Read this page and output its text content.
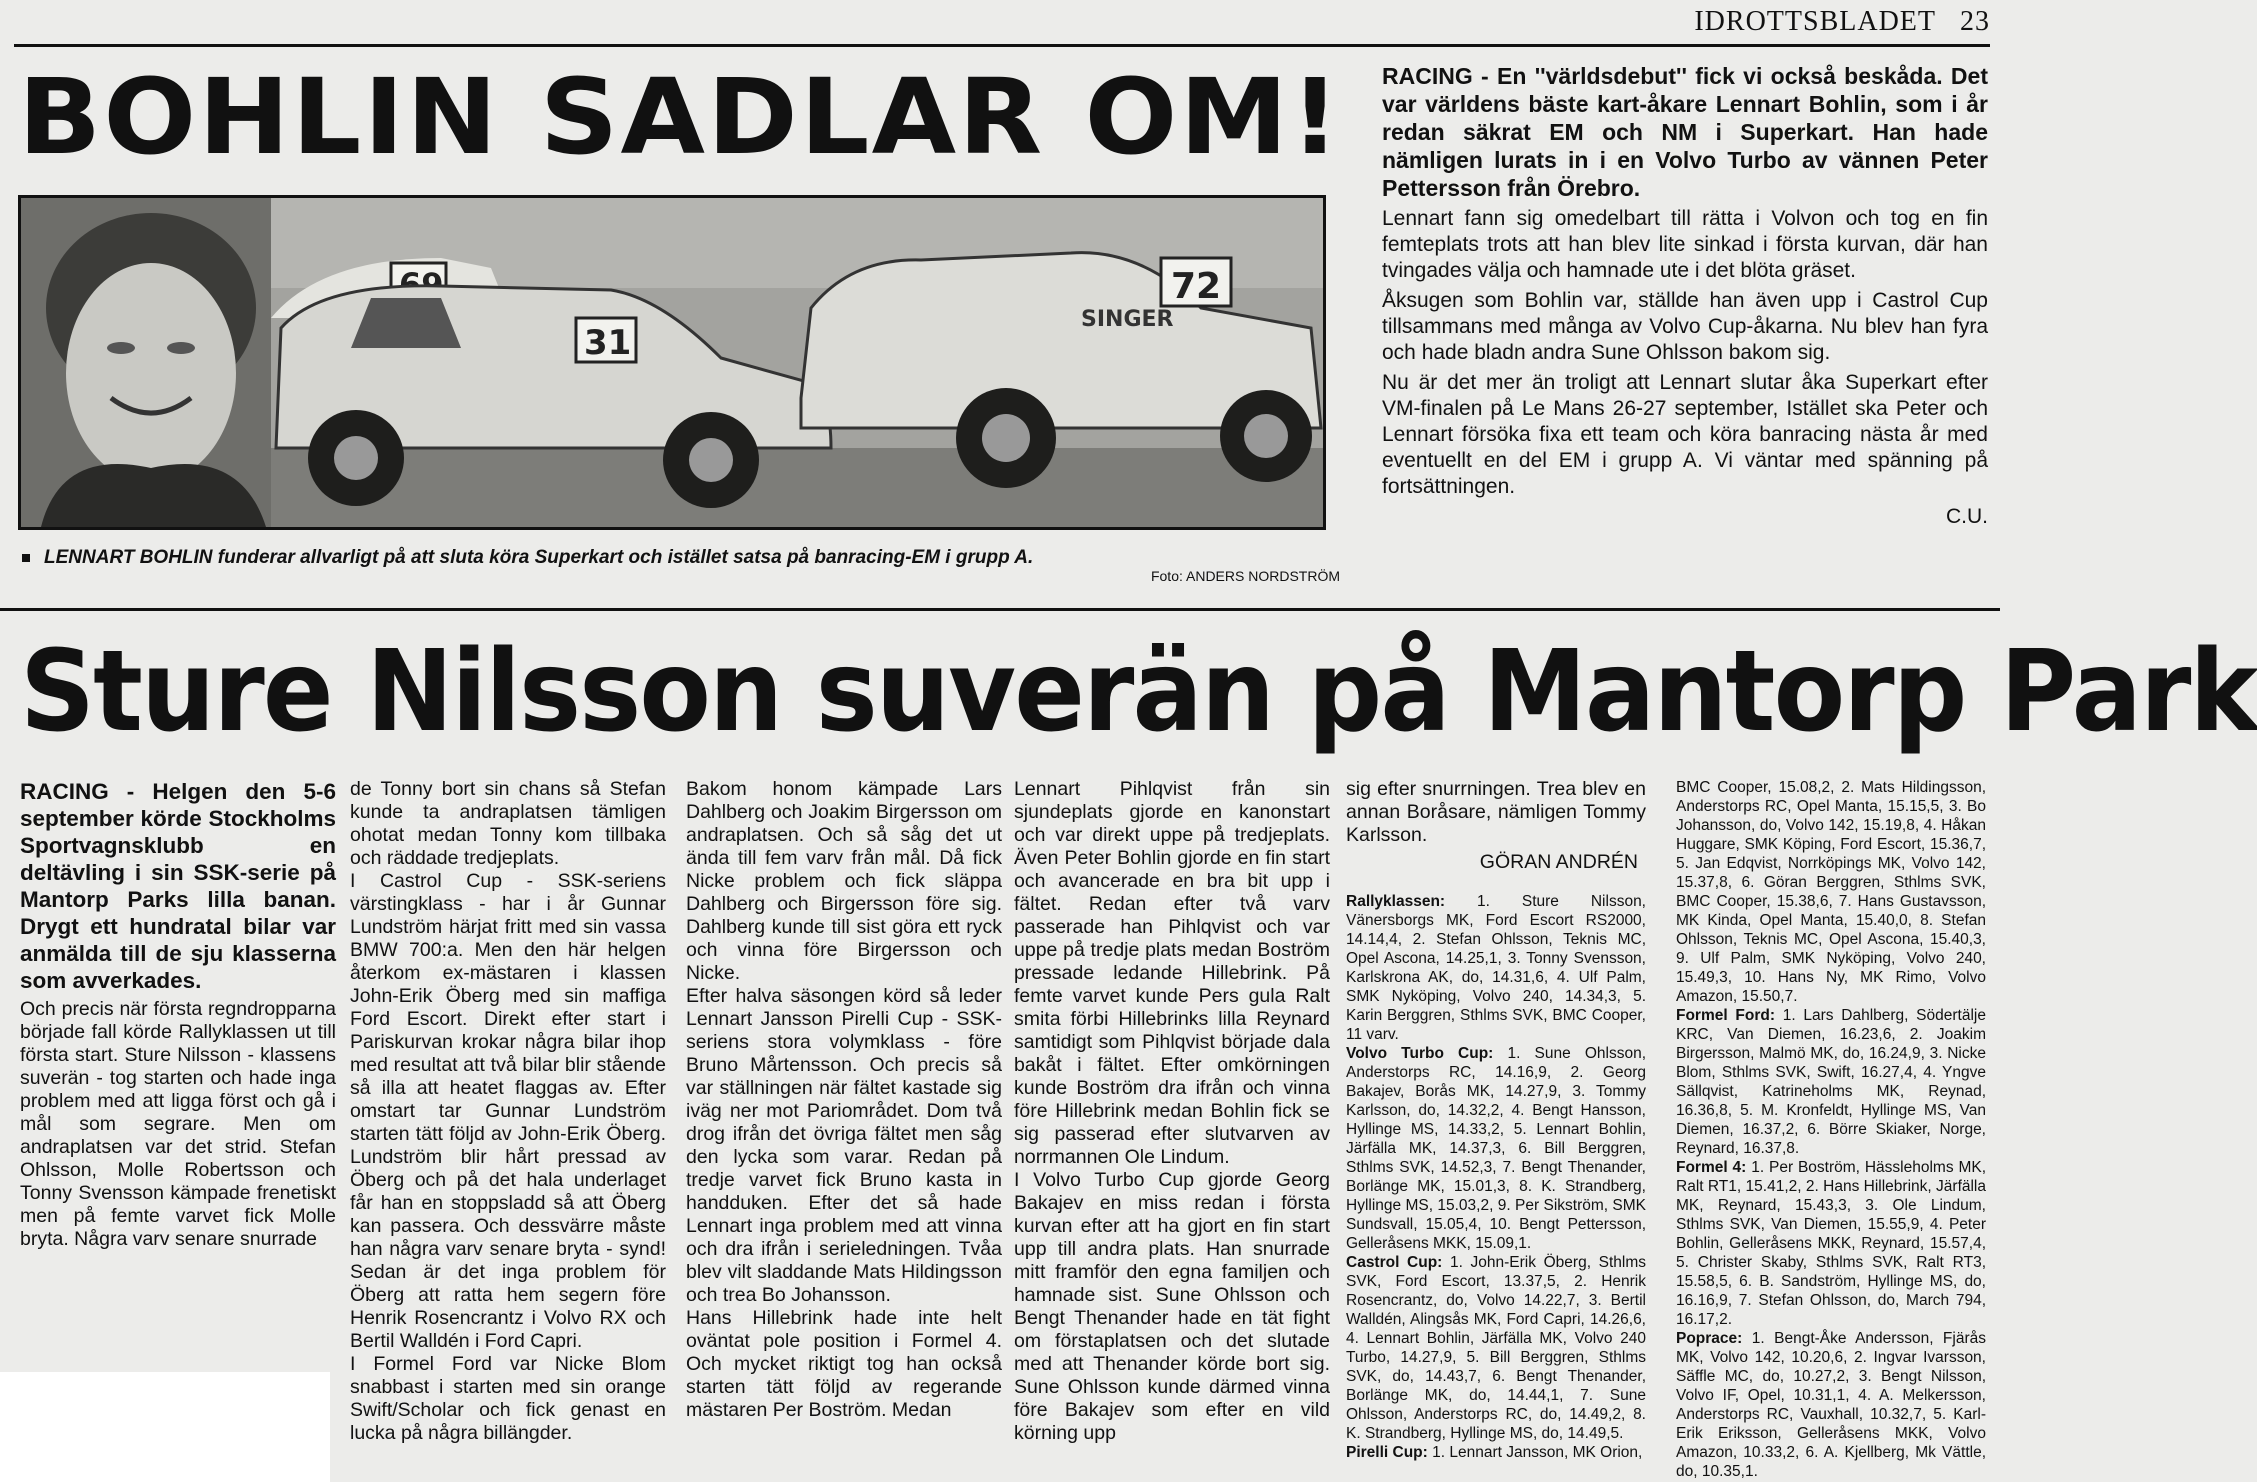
IDROTTSBLADET 23
BOHLIN SADLAR OM!
31
72
SINGER
LENNART BOHLIN funderar allvarligt på att sluta köra Superkart och istället satsa på banracing-EM i grupp A.
Foto: ANDERS NORDSTRÖM

RACING - En ''världsdebut'' fick vi också beskåda. Det var världens bäste kart-åkare Lennart Bohlin, som i år redan säkrat EM och NM i Superkart. Han hade nämligen lurats in i en Volvo Turbo av vännen Peter Pettersson från Örebro.

Lennart fann sig omedelbart till rätta i Volvon och tog en fin femteplats trots att han blev lite sinkad i första kurvan, där han tvingades välja och hamnade ute i det blöta gräset.

Åksugen som Bohlin var, ställde han även upp i Castrol Cup tillsammans med många av Volvo Cup-åkarna. Nu blev han fyra och hade bladn andra Sune Ohlsson bakom sig.

Nu är det mer än troligt att Lennart slutar åka Superkart efter VM-finalen på Le Mans 26-27 september, Istället ska Peter och Lennart försöka fixa ett team och köra banracing nästa år med eventuellt en del EM i grupp A. Vi väntar med spänning på fortsättningen.

C.U.

Sture Nilsson suverän på Mantorp Park

RACING - Helgen den 5-6 september körde Stockholms Sportvagnsklubb en deltävling i sin SSK-serie på Mantorp Parks lilla banan. Drygt ett hundratal bilar var anmälda till de sju klasserna som avverkades.

Och precis när första regndropparna började fall körde Rallyklassen ut till första start. Sture Nilsson - klassens suverän - tog starten och hade inga problem med att ligga först och gå i mål som segrare. Men om andraplatsen var det strid. Stefan Ohlsson, Molle Robertsson och Tonny Svensson kämpade frenetiskt men på femte varvet fick Molle bryta. Några varv senare snurrade

de Tonny bort sin chans så Stefan kunde ta andraplatsen tämligen ohotat medan Tonny kom tillbaka och räddade tredjeplats.

I Castrol Cup - SSK-seriens värstingklass - har i år Gunnar Lundström härjat fritt med sin vassa BMW 700:a. Men den här helgen återkom ex-mästaren i klassen John-Erik Öberg med sin maffiga Ford Escort. Direkt efter start i Pariskurvan krokar några bilar ihop med resultat att två bilar blir stående så illa att heatet flaggas av. Efter omstart tar Gunnar Lundström starten tätt följd av John-Erik Öberg. Lundström blir hårt pressad av Öberg och på det hala underlaget får han en stoppsladd så att Öberg kan passera. Och dessvärre måste han några varv senare bryta - synd! Sedan är det inga problem för Öberg att ratta hem segern före Henrik Rosencrantz i Volvo RX och Bertil Walldén i Ford Capri.

I Formel Ford var Nicke Blom snabbast i starten med sin orange Swift/Scholar och fick genast en lucka på några billängder.

Bakom honom kämpade Lars Dahlberg och Joakim Birgersson om andraplatsen. Och så såg det ut ända till fem varv från mål. Då fick Nicke problem och fick släppa Dahlberg och Birgersson före sig. Dahlberg kunde till sist göra ett ryck och vinna före Birgersson och Nicke.

Efter halva säsongen körd så leder Lennart Jansson Pirelli Cup - SSK-seriens stora volymklass - före Bruno Mårtensson. Och precis så var ställningen när fältet kastade sig iväg ner mot Pariområdet. Dom två drog ifrån det övriga fältet men såg den lycka som varar. Redan på tredje varvet fick Bruno kasta in handduken. Efter det så hade Lennart inga problem med att vinna och dra ifrån i serieledningen. Tvåa blev vilt sladdande Mats Hildingsson och trea Bo Johansson.

Hans Hillebrink hade inte helt oväntat pole position i Formel 4. Och mycket riktigt tog han också starten tätt följd av regerande mästaren Per Boström. Medan

Lennart Pihlqvist från sin sjundeplats gjorde en kanonstart och var direkt uppe på tredjeplats. Även Peter Bohlin gjorde en fin start och avancerade en bra bit upp i fältet. Redan efter två varv passerade han Pihlqvist och var uppe på tredje plats medan Boström pressade ledande Hillebrink. På femte varvet kunde Pers gula Ralt smita förbi Hillebrinks lilla Reynard samtidigt som Pihlqvist började dala bakåt i fältet. Efter omkörningen kunde Boström dra ifrån och vinna före Hillebrink medan Bohlin fick se sig passerad efter slutvarven av norrmannen Ole Lindum.

I Volvo Turbo Cup gjorde Georg Bakajev en miss redan i första kurvan efter att ha gjort en fin start upp till andra plats. Han snurrade mitt framför den egna familjen och hamnade sist. Sune Ohlsson och Bengt Thenander hade en tät fight om förstaplatsen och det slutade med att Thenander körde bort sig. Sune Ohlsson kunde därmed vinna före Bakajev som efter en vild körning upp

sig efter snurrningen. Trea blev en annan Boråsare, nämligen Tommy Karlsson.

GÖRAN ANDRÉN

Rallyklassen: 1. Sture Nilsson, Vänersborgs MK, Ford Escort RS2000, 14.14,4, 2. Stefan Ohlsson, Teknis MC, Opel Ascona, 14.25,1, 3. Tonny Svensson, Karlskrona AK, do, 14.31,6, 4. Ulf Palm, SMK Nyköping, Volvo 240, 14.34,3, 5. Karin Berggren, Sthlms SVK, BMC Cooper, 11 varv.

Volvo Turbo Cup: 1. Sune Ohlsson, Anderstorps RC, 14.16,9, 2. Georg Bakajev, Borås MK, 14.27,9, 3. Tommy Karlsson, do, 14.32,2, 4. Bengt Hansson, Hyllinge MS, 14.33,2, 5. Lennart Bohlin, Järfälla MK, 14.37,3, 6. Bill Berggren, Sthlms SVK, 14.52,3, 7. Bengt Thenander, Borlänge MK, 15.01,3, 8. K. Strandberg, Hyllinge MS, 15.03,2, 9. Per Sikström, SMK Sundsvall, 15.05,4, 10. Bengt Pettersson, Gelleråsens MKK, 15.09,1.

Castrol Cup: 1. John-Erik Öberg, Sthlms SVK, Ford Escort, 13.37,5, 2. Henrik Rosencrantz, do, Volvo 14.22,7, 3. Bertil Walldén, Alingsås MK, Ford Capri, 14.26,6, 4. Lennart Bohlin, Järfälla MK, Volvo 240 Turbo, 14.27,9, 5. Bill Berggren, Sthlms SVK, do, 14.43,7, 6. Bengt Thenander, Borlänge MK, do, 14.44,1, 7. Sune Ohlsson, Anderstorps RC, do, 14.49,2, 8. K. Strandberg, Hyllinge MS, do, 14.49,5.

Pirelli Cup: 1. Lennart Jansson, MK Orion,

BMC Cooper, 15.08,2, 2. Mats Hildingsson, Anderstorps RC, Opel Manta, 15.15,5, 3. Bo Johansson, do, Volvo 142, 15.19,8, 4. Håkan Huggare, SMK Köping, Ford Escort, 15.36,7, 5. Jan Edqvist, Norrköpings MK, Volvo 142, 15.37,8, 6. Göran Berggren, Sthlms SVK, BMC Cooper, 15.38,6, 7. Hans Gustavsson, MK Kinda, Opel Manta, 15.40,0, 8. Stefan Ohlsson, Teknis MC, Opel Ascona, 15.40,3, 9. Ulf Palm, SMK Nyköping, Volvo 240, 15.49,3, 10. Hans Ny, MK Rimo, Volvo Amazon, 15.50,7.

Formel Ford: 1. Lars Dahlberg, Södertälje KRC, Van Diemen, 16.23,6, 2. Joakim Birgersson, Malmö MK, do, 16.24,9, 3. Nicke Blom, Sthlms SVK, Swift, 16.27,4, 4. Yngve Sällqvist, Katrineholms MK, Reynad, 16.36,8, 5. M. Kronfeldt, Hyllinge MS, Van Diemen, 16.37,2, 6. Börre Skiaker, Norge, Reynard, 16.37,8.

Formel 4: 1. Per Boström, Hässleholms MK, Ralt RT1, 15.41,2, 2. Hans Hillebrink, Järfälla MK, Reynard, 15.43,3, 3. Ole Lindum, Sthlms SVK, Van Diemen, 15.55,9, 4. Peter Bohlin, Gelleråsens MKK, Reynard, 15.57,4, 5. Christer Skaby, Sthlms SVK, Ralt RT3, 15.58,5, 6. B. Sandström, Hyllinge MS, do, 16.16,9, 7. Stefan Ohlsson, do, March 794, 16.17,2.

Poprace: 1. Bengt-Åke Andersson, Fjärås MK, Volvo 142, 10.20,6, 2. Ingvar Ivarsson, Säffle MC, do, 10.27,2, 3. Bengt Nilsson, Volvo IF, Opel, 10.31,1, 4. A. Melkersson, Anderstorps RC, Vauxhall, 10.32,7, 5. Karl-Erik Eriksson, Gelleråsens MKK, Volvo Amazon, 10.33,2, 6. A. Kjellberg, Mk Vättle, do, 10.35,1.
